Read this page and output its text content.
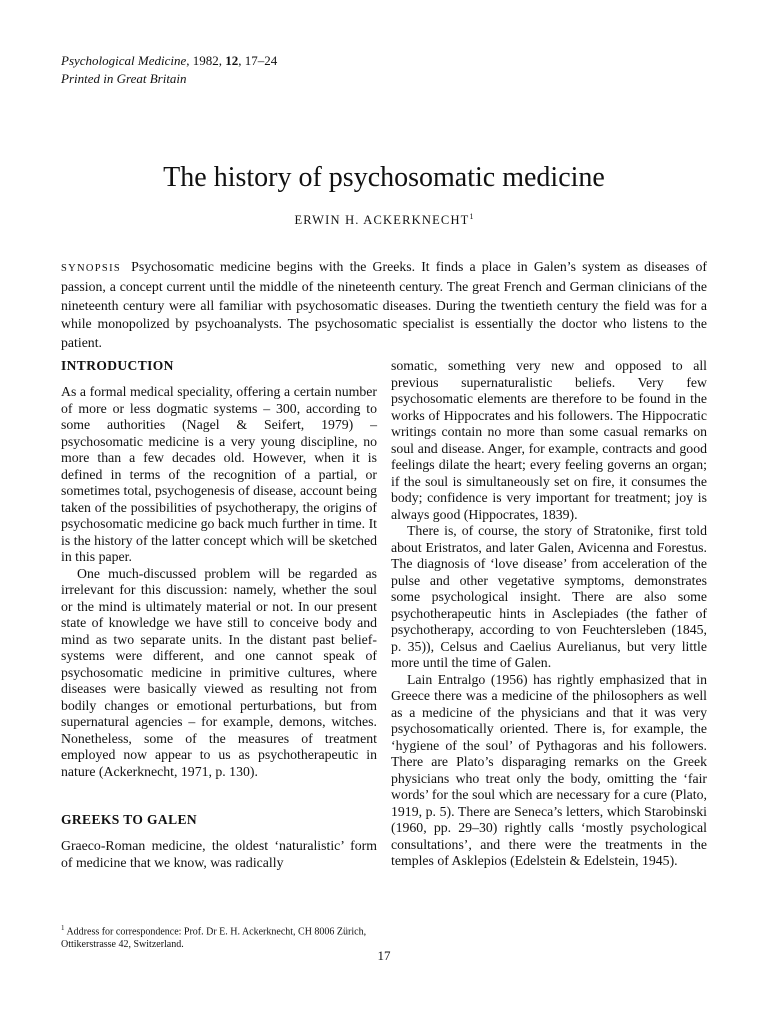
Psychological Medicine, 1982, 12, 17–24
Printed in Great Britain
The history of psychosomatic medicine
ERWIN H. ACKERKNECHT$^1$
SYNOPSIS Psychosomatic medicine begins with the Greeks. It finds a place in Galen’s system as diseases of passion, a concept current until the middle of the nineteenth century. The great French and German clinicians of the nineteenth century were all familiar with psychosomatic diseases. During the twentieth century the field was for a while monopolized by psychoanalysts. The psychosomatic specialist is essentially the doctor who listens to the patient.
INTRODUCTION

As a formal medical speciality, offering a certain number of more or less dogmatic systems – 300, according to some authorities (Nagel & Seifert, 1979) – psychosomatic medicine is a very young discipline, no more than a few decades old. However, when it is defined in terms of the recognition of a partial, or sometimes total, psychogenesis of disease, account being taken of the possibilities of psychotherapy, the origins of psychosomatic medicine go back much further in time. It is the history of the latter concept which will be sketched in this paper.

One much-discussed problem will be regarded as irrelevant for this discussion: namely, whether the soul or the mind is ultimately material or not. In our present state of knowledge we have still to conceive body and mind as two separate units. In the distant past belief-systems were different, and one cannot speak of psychosomatic medicine in primitive cultures, where diseases were basically viewed as resulting not from bodily changes or emotional perturbations, but from supernatural agencies – for example, demons, witches. Nonetheless, some of the measures of treatment employed now appear to us as psychotherapeutic in nature (Ackerknecht, 1971, p. 130).

GREEKS TO GALEN

Graeco-Roman medicine, the oldest ‘naturalistic’ form of medicine that we know, was radically

somatic, something very new and opposed to all previous supernaturalistic beliefs. Very few psychosomatic elements are therefore to be found in the works of Hippocrates and his followers. The Hippocratic writings contain no more than some casual remarks on soul and disease. Anger, for example, contracts and good feelings dilate the heart; every feeling governs an organ; if the soul is simultaneously set on fire, it consumes the body; confidence is very important for treatment; joy is always good (Hippocrates, 1839).

There is, of course, the story of Stratonike, first told about Eristratos, and later Galen, Avicenna and Forestus. The diagnosis of ‘love disease’ from acceleration of the pulse and other vegetative symptoms, demonstrates some psychological insight. There are also some psychotherapeutic hints in Asclepiades (the father of psychotherapy, according to von Feuchtersleben (1845, p. 35)), Celsus and Caelius Aurelianus, but very little more until the time of Galen.

Lain Entralgo (1956) has rightly emphasized that in Greece there was a medicine of the philosophers as well as a medicine of the physicians and that it was very psychosomatically oriented. There is, for example, the ‘hygiene of the soul’ of Pythagoras and his followers. There are Plato’s disparaging remarks on the Greek physicians who treat only the body, omitting the ‘fair words’ for the soul which are necessary for a cure (Plato, 1919, p. 5). There are Seneca’s letters, which Starobinski (1960, pp. 29–30) rightly calls ‘mostly psychological consultations’, and there were the treatments in the temples of Asklepios (Edelstein & Edelstein, 1945).

$^1$ Address for correspondence: Prof. Dr E. H. Ackerknecht, CH 8006 Zürich, Ottikerstrasse 42, Switzerland.
17
